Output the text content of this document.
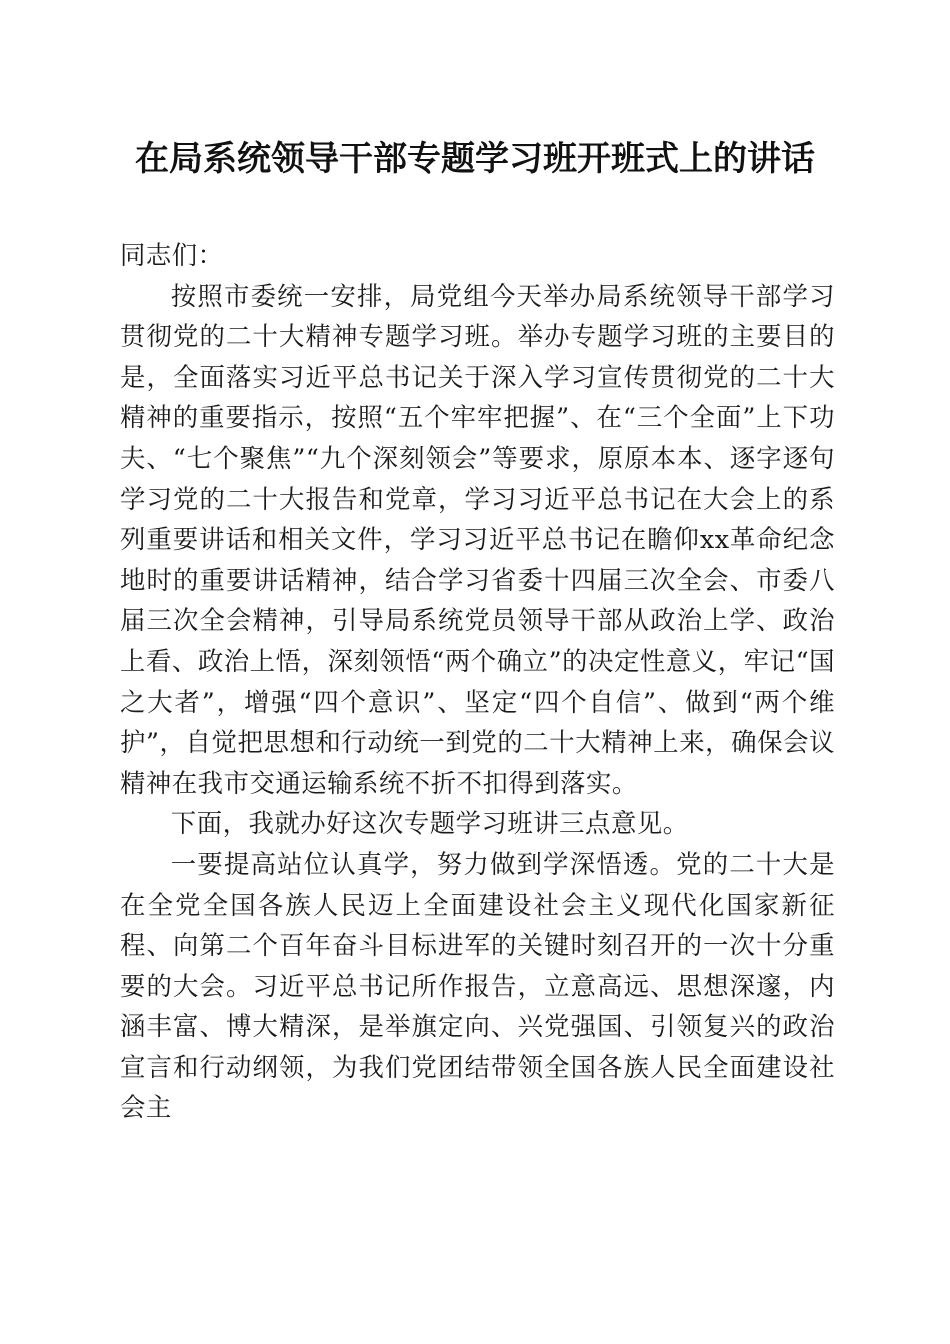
在局系统领导干部专题学习班开班式上的讲话

同志们：

按照市委统一安排，局党组今天举办局系统领导干部学习贯彻党的二十大精神专题学习班。举办专题学习班的主要目的是，全面落实习近平总书记关于深入学习宣传贯彻党的二十大精神的重要指示，按照“五个牢牢把握”、在“三个全面”上下功夫、“七个聚焦”“九个深刻领会”等要求，原原本本、逐字逐句学习党的二十大报告和党章，学习习近平总书记在大会上的系列重要讲话和相关文件，学习习近平总书记在瞻仰xx革命纪念地时的重要讲话精神，结合学习省委十四届三次全会、市委八届三次全会精神，引导局系统党员领导干部从政治上学、政治上看、政治上悟，深刻领悟“两个确立”的决定性意义，牢记“国之大者”，增强“四个意识”、坚定“四个自信”、做到“两个维护”，自觉把思想和行动统一到党的二十大精神上来，确保会议精神在我市交通运输系统不折不扣得到落实。

下面，我就办好这次专题学习班讲三点意见。

一要提高站位认真学，努力做到学深悟透。党的二十大是在全党全国各族人民迈上全面建设社会主义现代化国家新征程、向第二个百年奋斗目标进军的关键时刻召开的一次十分重要的大会。习近平总书记所作报告，立意高远、思想深邃，内涵丰富、博大精深，是举旗定向、兴党强国、引领复兴的政治宣言和行动纲领，为我们党团结带领全国各族人民全面建设社会主
